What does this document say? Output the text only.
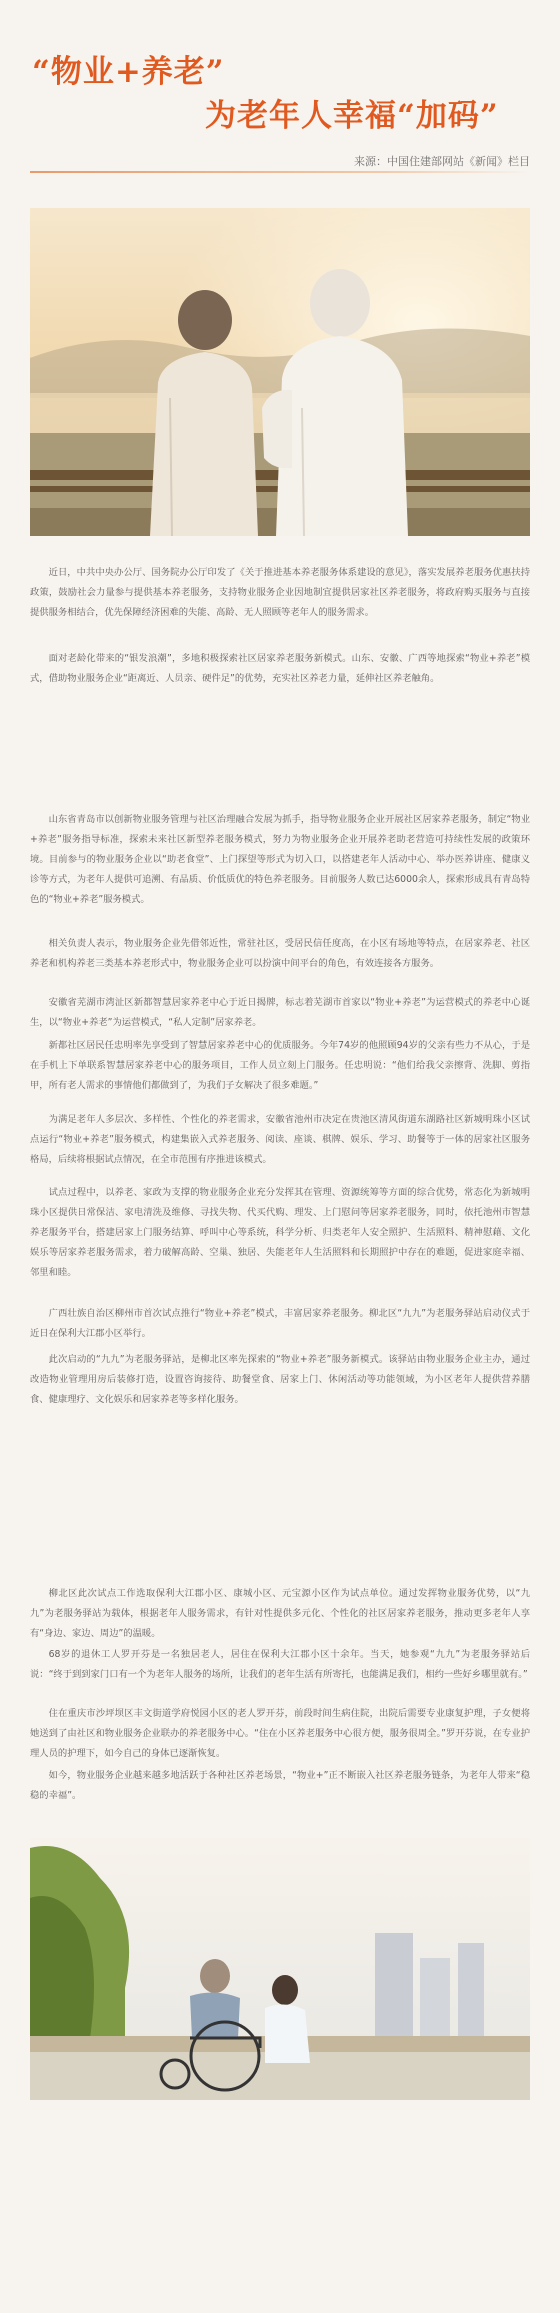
“物业+养老”
为老年人幸福“加码”
来源：中国住建部网站《新闻》栏目

近日，中共中央办公厅、国务院办公厅印发了《关于推进基本养老服务体系建设的意见》，落实发展养老服务优惠扶持政策，鼓励社会力量参与提供基本养老服务，支持物业服务企业因地制宜提供居家社区养老服务，将政府购买服务与直接提供服务相结合，优先保障经济困难的失能、高龄、无人照顾等老年人的服务需求。

面对老龄化带来的“银发浪潮”，多地积极探索社区居家养老服务新模式。山东、安徽、广西等地探索“物业+养老”模式，借助物业服务企业“距离近、人员亲、硬件足”的优势，充实社区养老力量，延伸社区养老触角。

山东省青岛市以创新物业服务管理与社区治理融合发展为抓手，指导物业服务企业开展社区居家养老服务，制定“物业+养老”服务指导标准，探索未来社区新型养老服务模式，努力为物业服务企业开展养老助老营造可持续性发展的政策环境。目前参与的物业服务企业以“助老食堂”、上门探望等形式为切入口，以搭建老年人活动中心、举办医养讲座、健康义诊等方式，为老年人提供可追溯、有品质、价低质优的特色养老服务。目前服务人数已达6000余人，探索形成具有青岛特色的“物业+养老”服务模式。

相关负责人表示，物业服务企业先借邻近性，常驻社区，受居民信任度高，在小区有场地等特点，在居家养老、社区养老和机构养老三类基本养老形式中，物业服务企业可以扮演中间平台的角色，有效连接各方服务。

安徽省芜湖市湾沚区新都智慧居家养老中心于近日揭牌，标志着芜湖市首家以“物业+养老”为运营模式的养老中心诞生，以“物业+养老”为运营模式，“私人定制”居家养老。

新都社区居民任忠明率先享受到了智慧居家养老中心的优质服务。今年74岁的他照顾94岁的父亲有些力不从心，于是在手机上下单联系智慧居家养老中心的服务项目，工作人员立刻上门服务。任忠明说：“他们给我父亲擦背、洗脚、剪指甲，所有老人需求的事情他们都做到了，为我们子女解决了很多难题。”

为满足老年人多层次、多样性、个性化的养老需求，安徽省池州市决定在贵池区清风街道东湖路社区新城明珠小区试点运行“物业+养老”服务模式，构建集嵌入式养老服务、阅读、座谈、棋牌、娱乐、学习、助餐等于一体的居家社区服务格局，后续将根据试点情况，在全市范围有序推进该模式。

试点过程中，以养老、家政为支撑的物业服务企业充分发挥其在管理、资源统筹等方面的综合优势，常态化为新城明珠小区提供日常保洁、家电清洗及维修、寻找失物、代买代购、理发、上门慰问等居家养老服务，同时，依托池州市智慧养老服务平台，搭建居家上门服务结算、呼叫中心等系统，科学分析、归类老年人安全照护、生活照料、精神慰藉、文化娱乐等居家养老服务需求，着力破解高龄、空巢、独居、失能老年人生活照料和长期照护中存在的难题，促进家庭幸福、邻里和睦。

广西壮族自治区柳州市首次试点推行“物业+养老”模式，丰富居家养老服务。柳北区“九九”为老服务驿站启动仪式于近日在保利大江郡小区举行。

此次启动的“九九”为老服务驿站，是柳北区率先探索的“物业+养老”服务新模式。该驿站由物业服务企业主办，通过改造物业管理用房后装修打造，设置咨询接待、助餐堂食、居家上门、休闲活动等功能领域，为小区老年人提供营养膳食、健康理疗、文化娱乐和居家养老等多样化服务。

柳北区此次试点工作选取保利大江郡小区、康城小区、元宝源小区作为试点单位。通过发挥物业服务优势，以“九九”为老服务驿站为载体，根据老年人服务需求，有针对性提供多元化、个性化的社区居家养老服务，推动更多老年人享有“身边、家边、周边”的温暖。

68岁的退休工人罗开芬是一名独居老人，居住在保利大江郡小区十余年。当天，她参观“九九”为老服务驿站后说：“终于到到家门口有一个为老年人服务的场所，让我们的老年生活有所寄托，也能满足我们，相约一些好乡哪里就有。”

住在重庆市沙坪坝区丰文街道学府悦园小区的老人罗开芬，前段时间生病住院，出院后需要专业康复护理，子女便将她送到了由社区和物业服务企业联办的养老服务中心。“住在小区养老服务中心很方便，服务很周全。”罗开芬说，在专业护理人员的护理下，如今自己的身体已逐渐恢复。

如今，物业服务企业越来越多地活跃于各种社区养老场景，“物业+”正不断嵌入社区养老服务链条，为老年人带来“稳稳的幸福”。
